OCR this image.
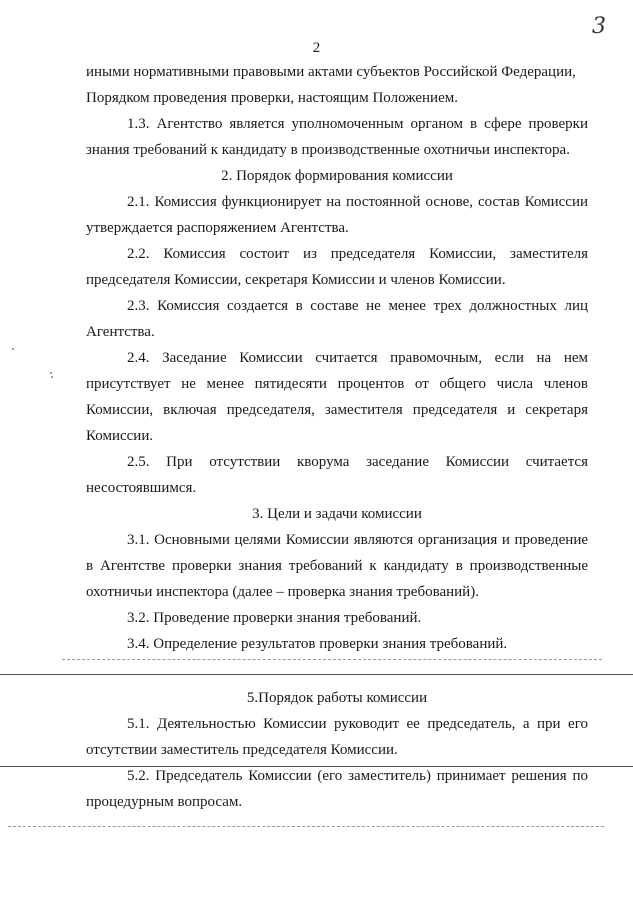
3
2
иными нормативными правовыми актами субъектов Российской Федерации,
Порядком проведения проверки, настоящим Положением.
1.3. Агентство является уполномоченным органом в сфере проверки
знания требований к кандидату в производственные охотничьи инспектора.
2. Порядок формирования комиссии
2.1. Комиссия функционирует на постоянной основе, состав Комиссии
утверждается распоряжением Агентства.
2.2. Комиссия состоит из председателя Комиссии, заместителя
председателя Комиссии, секретаря Комиссии и членов Комиссии.
2.3. Комиссия создается в составе не менее трех должностных лиц
Агентства.
2.4. Заседание Комиссии считается правомочным, если на нем
присутствует не менее пятидесяти процентов от общего числа членов
Комиссии, включая председателя, заместителя председателя и секретаря
Комиссии.
2.5. При отсутствии кворума заседание Комиссии считается
несостоявшимся.
3. Цели и задачи комиссии
3.1. Основными целями Комиссии являются организация и проведение
в Агентстве проверки знания требований к кандидату в производственные
охотничьи инспектора (далее – проверка знания требований).
3.2. Проведение проверки знания требований.
3.4. Определение результатов проверки знания требований.
5.Порядок работы комиссии
5.1. Деятельностью Комиссии руководит ее председатель, а при его
отсутствии заместитель председателя Комиссии.
5.2. Председатель Комиссии (его заместитель) принимает решения по
процедурным вопросам.
